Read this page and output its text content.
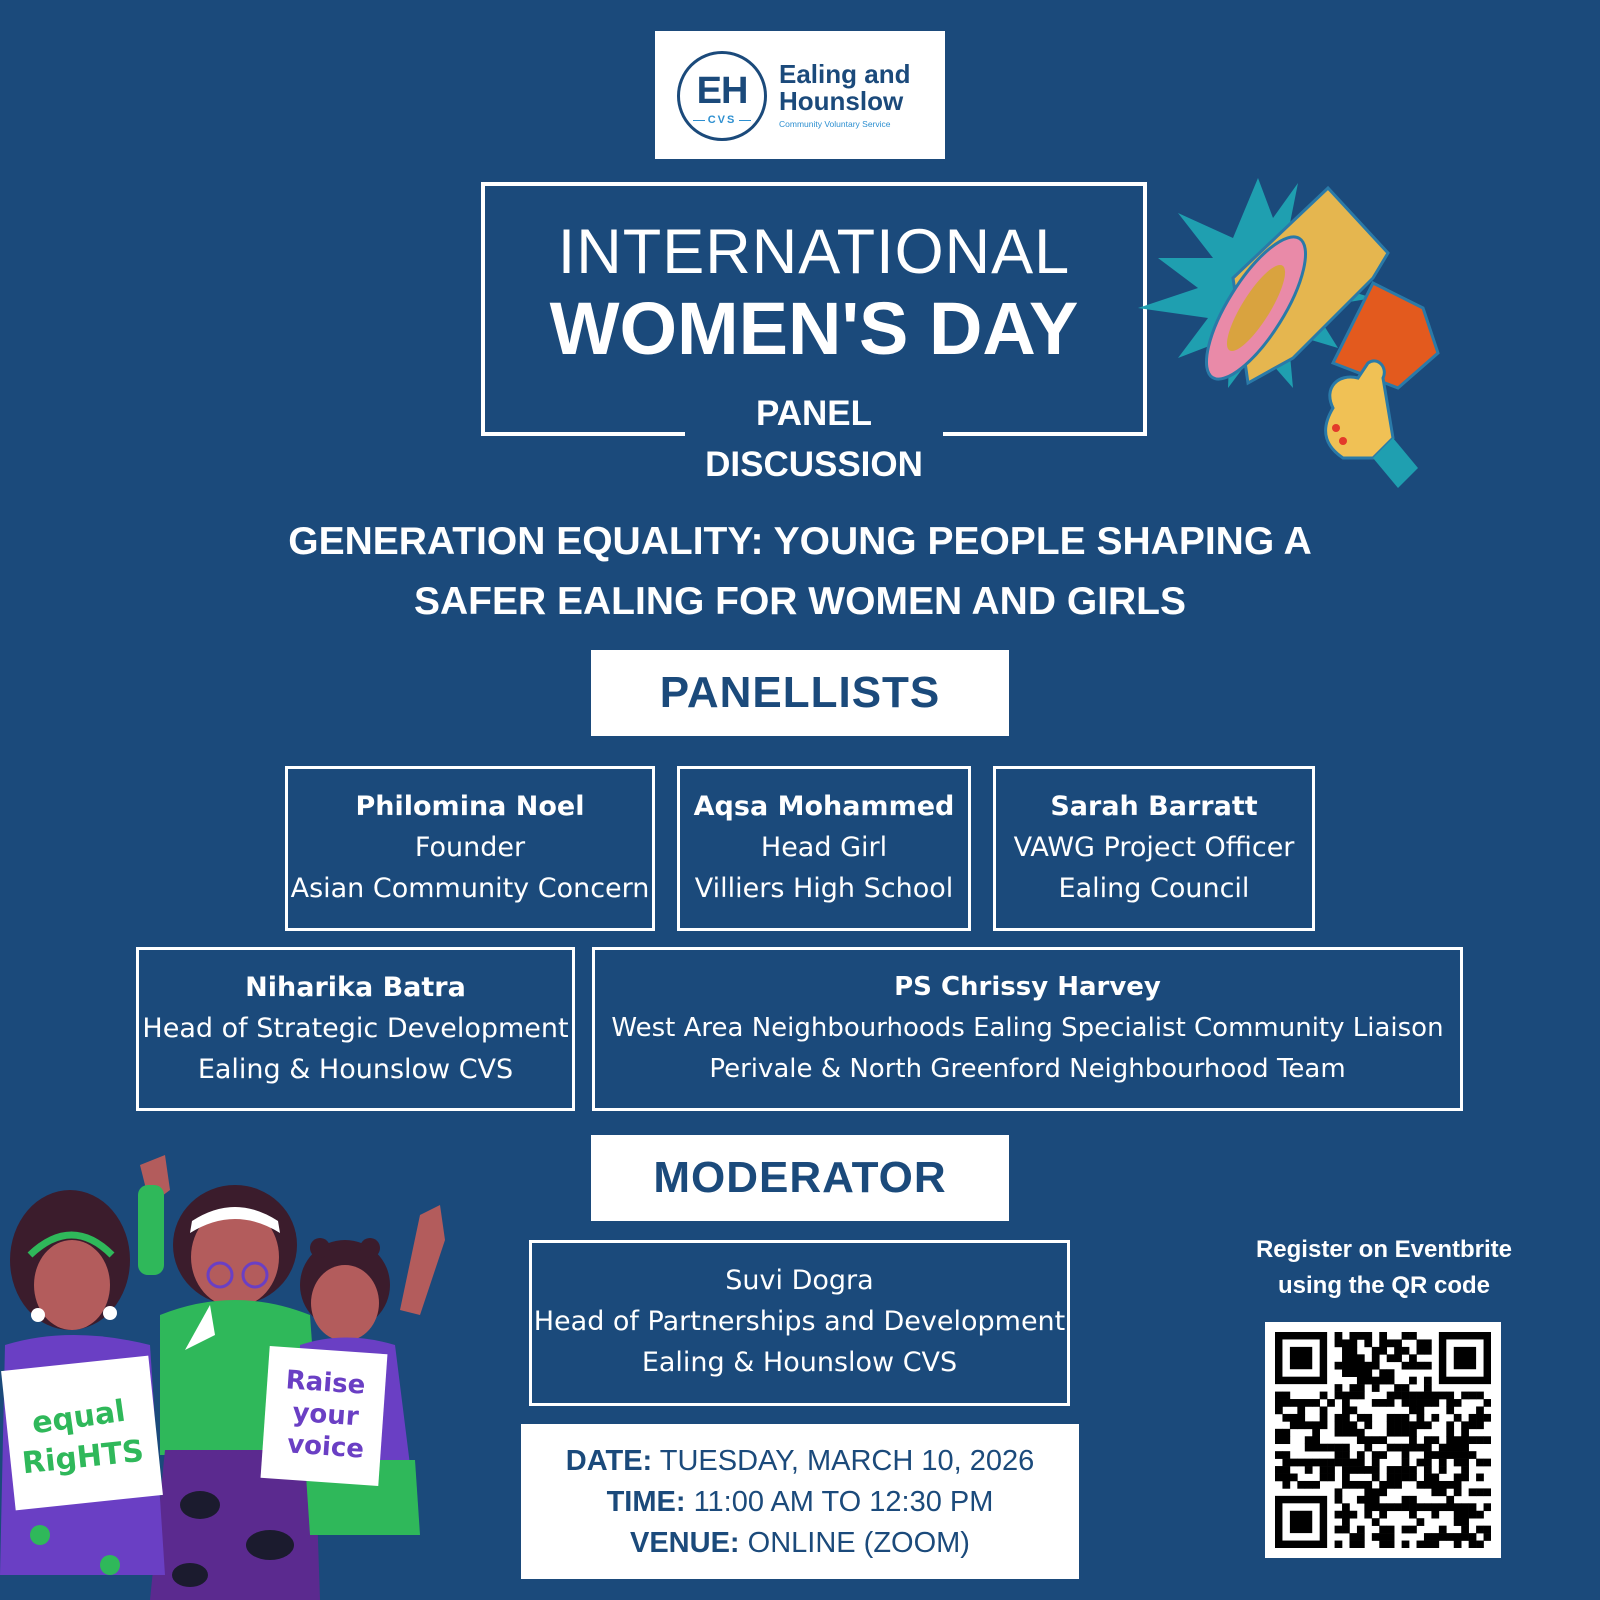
EH
CVS
Ealing and
Hounslow
Community Voluntary Service
INTERNATIONAL
WOMEN'S DAY
PANEL
DISCUSSION
GENERATION EQUALITY: YOUNG PEOPLE SHAPING A
SAFER EALING FOR WOMEN AND GIRLS
PANELLISTS
Philomina Noel
Founder
Asian Community Concern
Aqsa Mohammed
Head Girl
Villiers High School
Sarah Barratt
VAWG Project Officer
Ealing Council
Niharika Batra
Head of Strategic Development
Ealing & Hounslow CVS
PS Chrissy Harvey
West Area Neighbourhoods Ealing Specialist Community Liaison
Perivale & North Greenford Neighbourhood Team
MODERATOR
Suvi Dogra
Head of Partnerships and Development
Ealing & Hounslow CVS
DATE: TUESDAY, MARCH 10, 2026
TIME: 11:00 AM TO 12:30 PM
VENUE: ONLINE (ZOOM)
Register on Eventbrite
using the QR code
equal
RigHTS
Raise
your
voice
